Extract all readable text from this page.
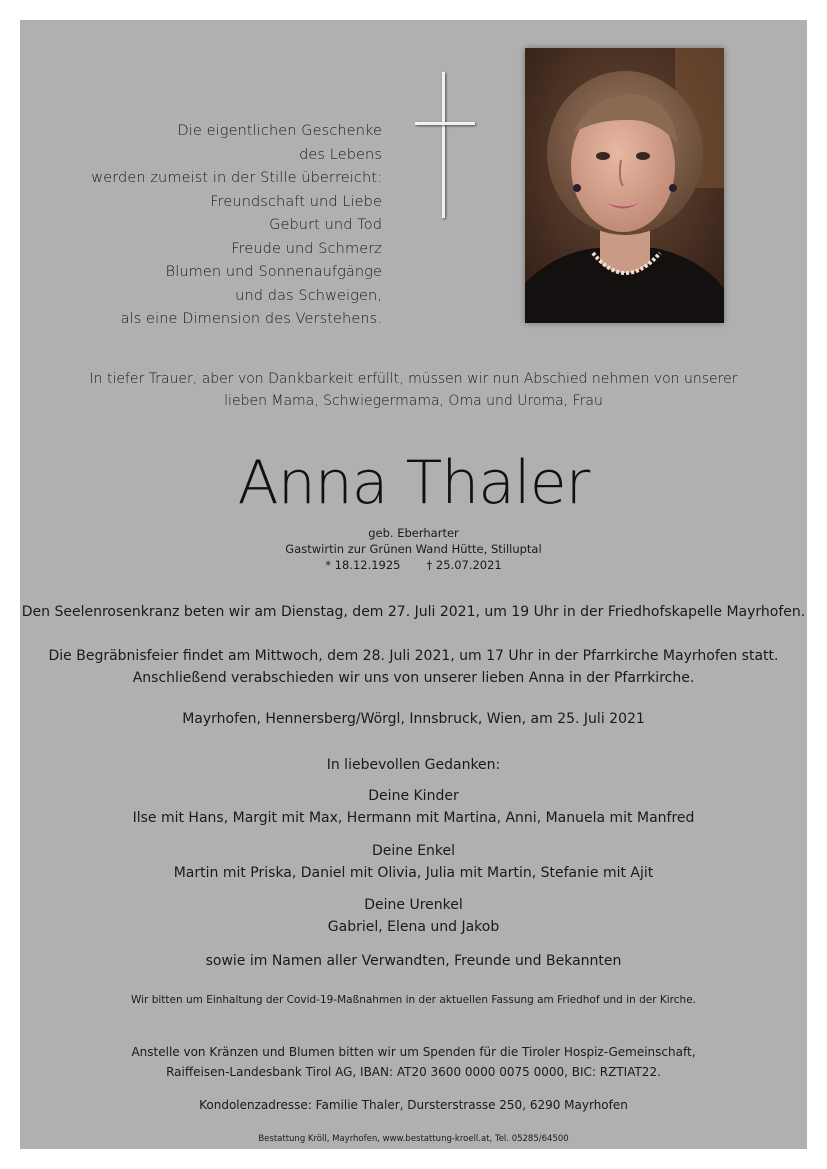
Die eigentlichen Geschenke
des Lebens
werden zumeist in der Stille überreicht:
Freundschaft und Liebe
Geburt und Tod
Freude und Schmerz
Blumen und Sonnenaufgänge
und das Schweigen,
als eine Dimension des Verstehens.
In tiefer Trauer, aber von Dankbarkeit erfüllt, müssen wir nun Abschied nehmen von unserer
lieben Mama, Schwiegermama, Oma und Uroma, Frau
Anna Thaler
geb. Eberharter
Gastwirtin zur Grünen Wand Hütte, Stilluptal
* 18.12.1925 † 25.07.2021
Den Seelenrosenkranz beten wir am Dienstag, dem 27. Juli 2021, um 19 Uhr in der Friedhofskapelle Mayrhofen.
Die Begräbnisfeier findet am Mittwoch, dem 28. Juli 2021, um 17 Uhr in der Pfarrkirche Mayrhofen statt.
Anschließend verabschieden wir uns von unserer lieben Anna in der Pfarrkirche.
Mayrhofen, Hennersberg/Wörgl, Innsbruck, Wien, am 25. Juli 2021
In liebevollen Gedanken:
Deine Kinder
Ilse mit Hans, Margit mit Max, Hermann mit Martina, Anni, Manuela mit Manfred
Deine Enkel
Martin mit Priska, Daniel mit Olivia, Julia mit Martin, Stefanie mit Ajit
Deine Urenkel
Gabriel, Elena und Jakob
sowie im Namen aller Verwandten, Freunde und Bekannten
Wir bitten um Einhaltung der Covid-19-Maßnahmen in der aktuellen Fassung am Friedhof und in der Kirche.
Anstelle von Kränzen und Blumen bitten wir um Spenden für die Tiroler Hospiz-Gemeinschaft,
Raiffeisen-Landesbank Tirol AG, IBAN: AT20 3600 0000 0075 0000, BIC: RZTIAT22.
Kondolenzadresse: Familie Thaler, Dursterstrasse 250, 6290 Mayrhofen
Bestattung Kröll, Mayrhofen, www.bestattung-kroell.at, Tel. 05285/64500
